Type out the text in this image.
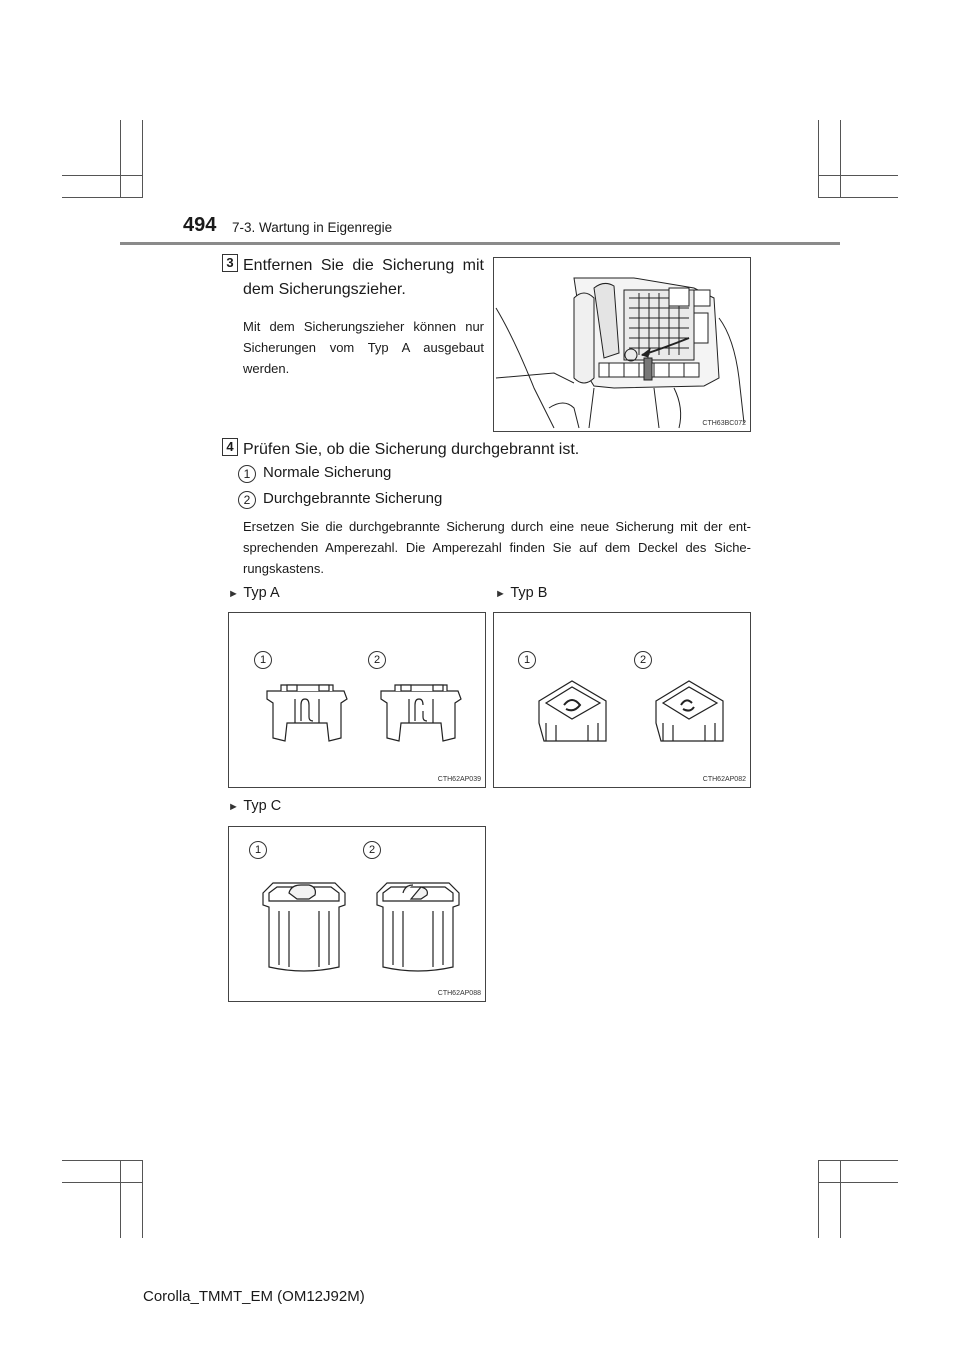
494 7-3. Wartung in Eigenregie
3 Entfernen Sie die Sicherung mit
dem Sicherungszieher.
Mit dem Sicherungszieher können nur
Sicherungen vom Typ A ausgebaut
werden.
CTH63BC072
4 Prüfen Sie, ob die Sicherung durchgebrannt ist.
1 Normale Sicherung
2 Durchgebrannte Sicherung
Ersetzen Sie die durchgebrannte Sicherung durch eine neue Sicherung mit der ent-
sprechenden Amperezahl. Die Amperezahl finden Sie auf dem Deckel des Siche-
rungskastens.
► Typ A	► Typ B
1	2
CTH62AP039
1	2
CTH62AP082
► Typ C
1	2
CTH62AP088
Corolla_TMMT_EM (OM12J92M)
